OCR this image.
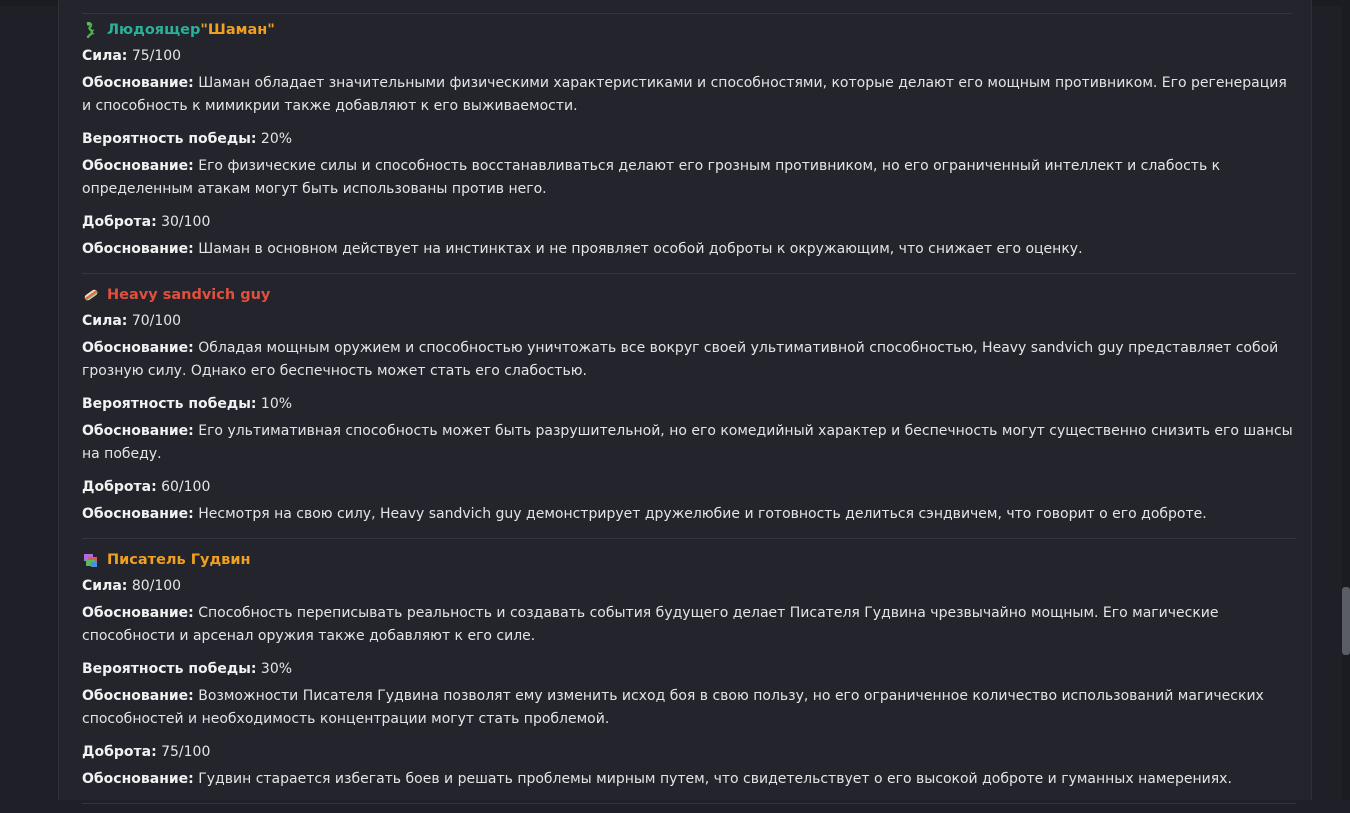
Людоящер "Шаман"
Сила: 75/100
Обоснование: Шаман обладает значительными физическими характеристиками и способностями, которые делают его мощным противником. Его регенерация и способность к мимикрии также добавляют к его выживаемости.
Вероятность победы: 20%
Обоснование: Его физические силы и способность восстанавливаться делают его грозным противником, но его ограниченный интеллект и слабость к определенным атакам могут быть использованы против него.
Доброта: 30/100
Обоснование: Шаман в основном действует на инстинктах и не проявляет особой доброты к окружающим, что снижает его оценку.
Heavy sandvich guy
Сила: 70/100
Обоснование: Обладая мощным оружием и способностью уничтожать все вокруг своей ультимативной способностью, Heavy sandvich guy представляет собой грозную силу. Однако его беспечность может стать его слабостью.
Вероятность победы: 10%
Обоснование: Его ультимативная способность может быть разрушительной, но его комедийный характер и беспечность могут существенно снизить его шансы на победу.
Доброта: 60/100
Обоснование: Несмотря на свою силу, Heavy sandvich guy демонстрирует дружелюбие и готовность делиться сэндвичем, что говорит о его доброте.
Писатель Гудвин
Сила: 80/100
Обоснование: Способность переписывать реальность и создавать события будущего делает Писателя Гудвина чрезвычайно мощным. Его магические способности и арсенал оружия также добавляют к его силе.
Вероятность победы: 30%
Обоснование: Возможности Писателя Гудвина позволят ему изменить исход боя в свою пользу, но его ограниченное количество использований магических способностей и необходимость концентрации могут стать проблемой.
Доброта: 75/100
Обоснование: Гудвин старается избегать боев и решать проблемы мирным путем, что свидетельствует о его высокой доброте и гуманных намерениях.
